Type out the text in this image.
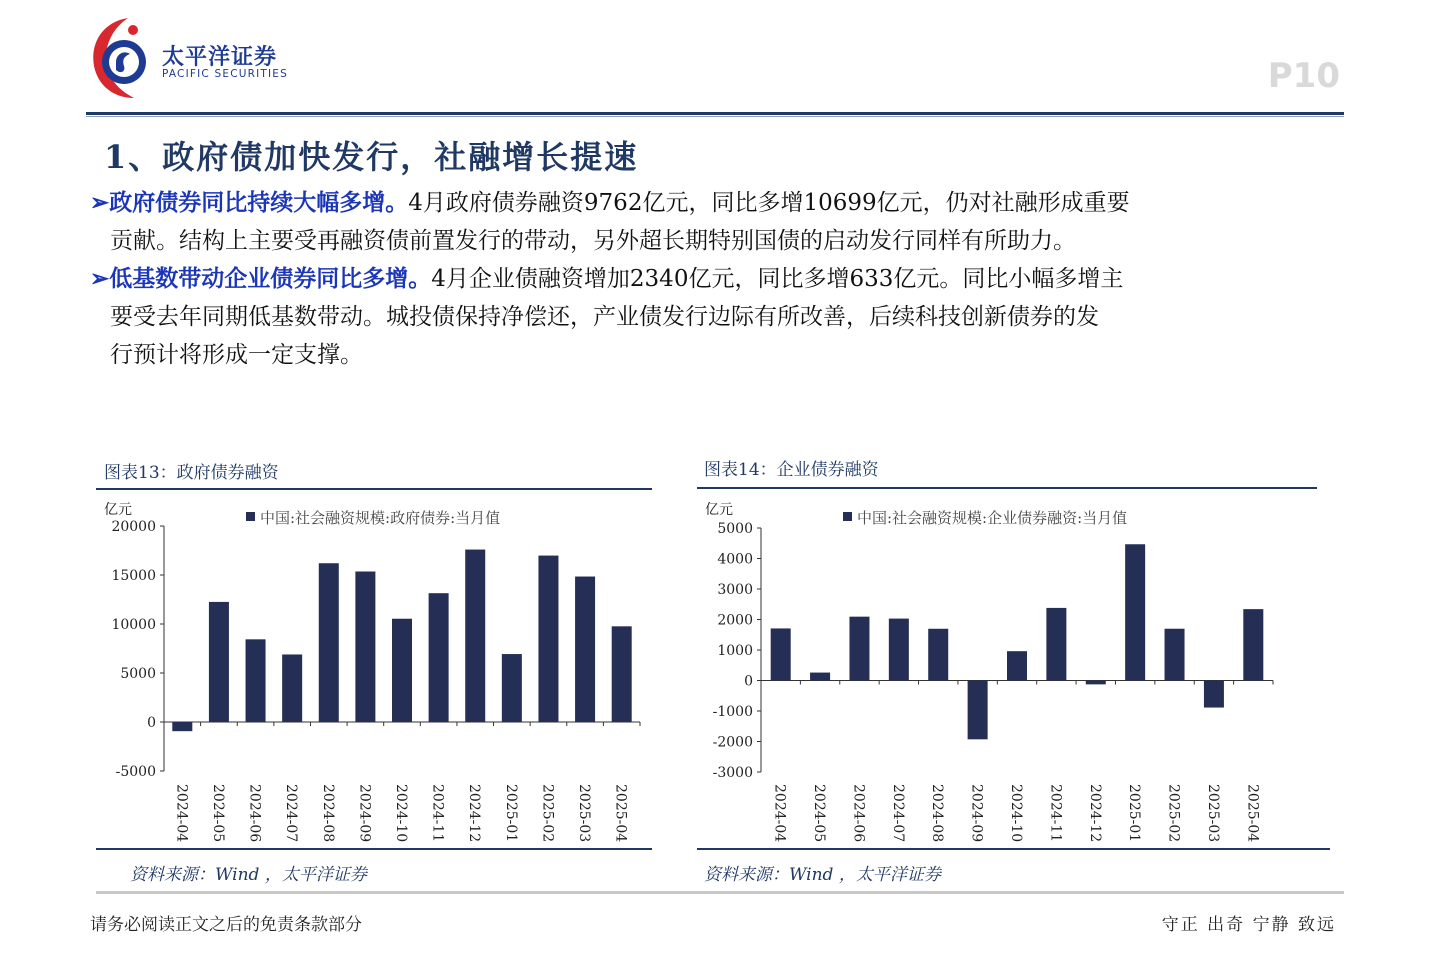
太平洋证券
PACIFIC SECURITIES	P10
1、政府债加快发行，社融增长提速
➢政府债券同比持续大幅多增。4月政府债券融资9762亿元，同比多增10699亿元，仍对社融形成重要
贡献。结构上主要受再融资债前置发行的带动，另外超长期特别国债的启动发行同样有所助力。
➢低基数带动企业债券同比多增。4月企业债融资增加2340亿元，同比多增633亿元。同比小幅多增主
要受去年同期低基数带动。城投债保持净偿还，产业债发行边际有所改善，后续科技创新债券的发
行预计将形成一定支撑。
图表13：政府债券融资
亿元
-5000
0
5000
10000
15000
20000	中国:社会融资规模:政府债券:当月值
2024-04 2024-05 2024-06 2024-07 2024-08 2024-09 2024-10 2024-11 2024-12 2025-01 2025-02 2025-03 2025-04
资料来源：Wind ，太平洋证券
图表14：企业债券融资
亿元
-3000
-2000
-1000
0
1000
2000
3000
4000
5000
中国:社会融资规模:企业债券融资:当月值
2024-04 2024-05 2024-06 2024-07 2024-08 2024-09 2024-10 2024-11 2024-12 2025-01 2025-02 2025-03 2025-04
资料来源：Wind ，太平洋证券
请务必阅读正文之后的免责条款部分	守正 出奇 宁静 致远
